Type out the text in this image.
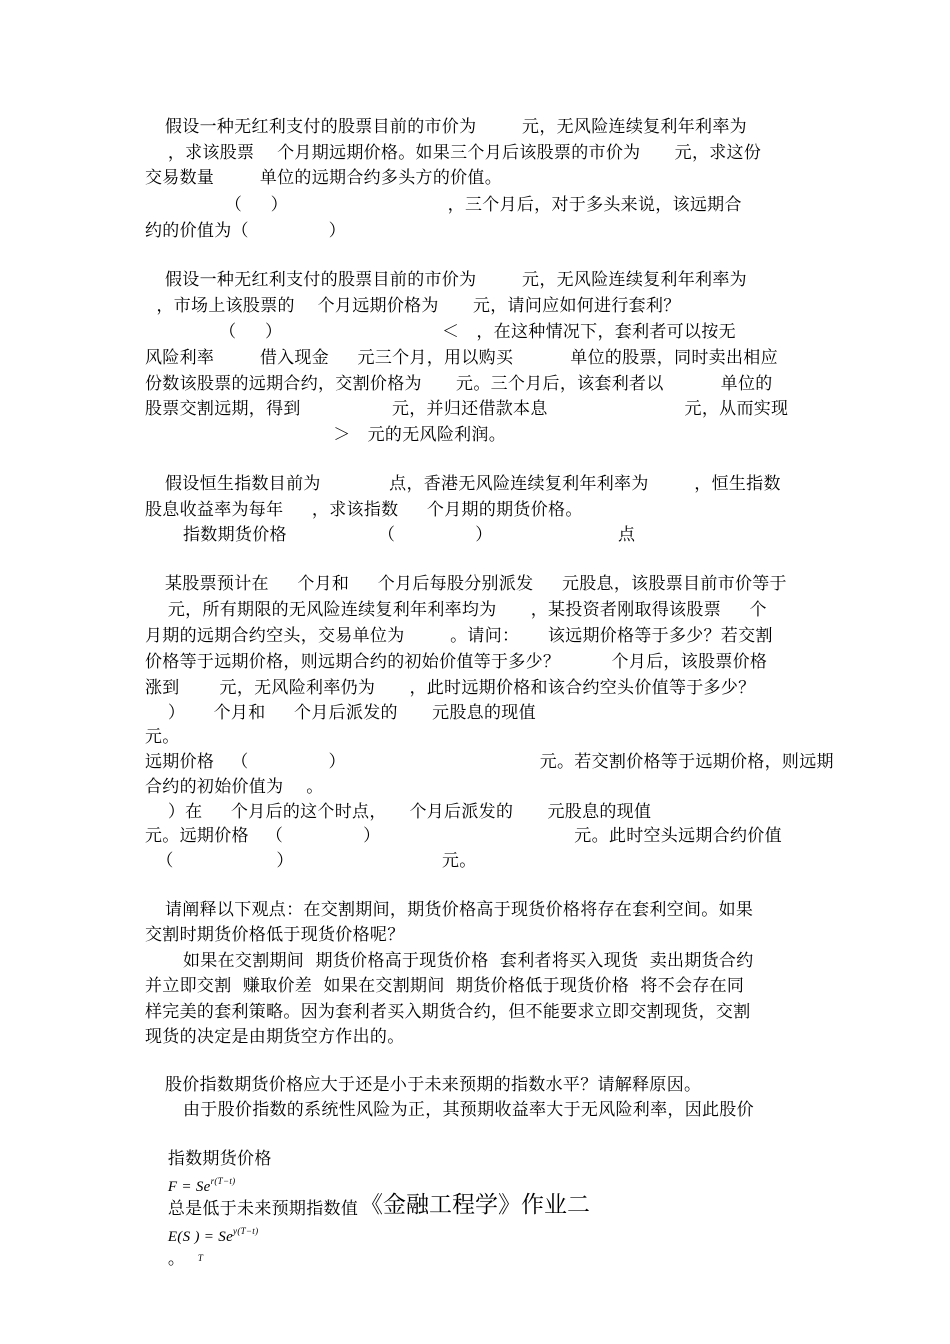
假设一种无红利支付的股票目前的市价为        元，无风险连续复利年利率为
，求该股票    个月期远期价格。如果三个月后该股票的市价为      元，求这份
交易数量        单位的远期合约多头方的价值。
（     ）                            ，三个月后，对于多头来说，该远期合
约的价值为（              ）
假设一种无红利支付的股票目前的市价为        元，无风险连续复利年利率为
，市场上该股票的    个月远期价格为      元，请问应如何进行套利？
（     ）                            ＜   ，在这种情况下，套利者可以按无
风险利率        借入现金     元三个月，用以购买          单位的股票，同时卖出相应
份数该股票的远期合约，交割价格为      元。三个月后，该套利者以          单位的
股票交割远期，得到                元，并归还借款本息                        元，从而实现
＞   元的无风险利润。
假设恒生指数目前为            点，香港无风险连续复利年利率为        ，恒生指数
股息收益率为每年     ，求该指数     个月期的期货价格。
指数期货价格                （              ）                      点
某股票预计在     个月和     个月后每股分别派发     元股息，该股票目前市价等于
元，所有期限的无风险连续复利年利率均为      ，某投资者刚取得该股票     个
月期的远期合约空头，交易单位为        。请问：     该远期价格等于多少？若交割
价格等于远期价格，则远期合约的初始价值等于多少？         个月后，该股票价格
涨到       元，无风险利率仍为      ，此时远期价格和该合约空头价值等于多少？
）     个月和     个月后派发的      元股息的现值
元。
远期价格   （              ）                                  元。若交割价格等于远期价格，则远期
合约的初始价值为    。
）在     个月后的这个时点，    个月后派发的      元股息的现值
元。远期价格   （              ）                                  元。此时空头远期合约价值
（                  ）                          元。
请阐释以下观点：在交割期间，期货价格高于现货价格将存在套利空间。如果
交割时期货价格低于现货价格呢？
如果在交割期间  期货价格高于现货价格  套利者将买入现货  卖出期货合约
并立即交割  赚取价差  如果在交割期间  期货价格低于现货价格  将不会存在同
样完美的套利策略。因为套利者买入期货合约，但不能要求立即交割现货，交割
现货的决定是由期货空方作出的。
股价指数期货价格应大于还是小于未来预期的指数水平？请解释原因。
由于股价指数的系统性风险为正，其预期收益率大于无风险利率，因此股价

指数期货价格
$F = Se^{r(T-t)}$
总是低于未来预期指数值
E(S
T
) = $Se^{y(T-t)}$
。

《金融工程学》作业二
